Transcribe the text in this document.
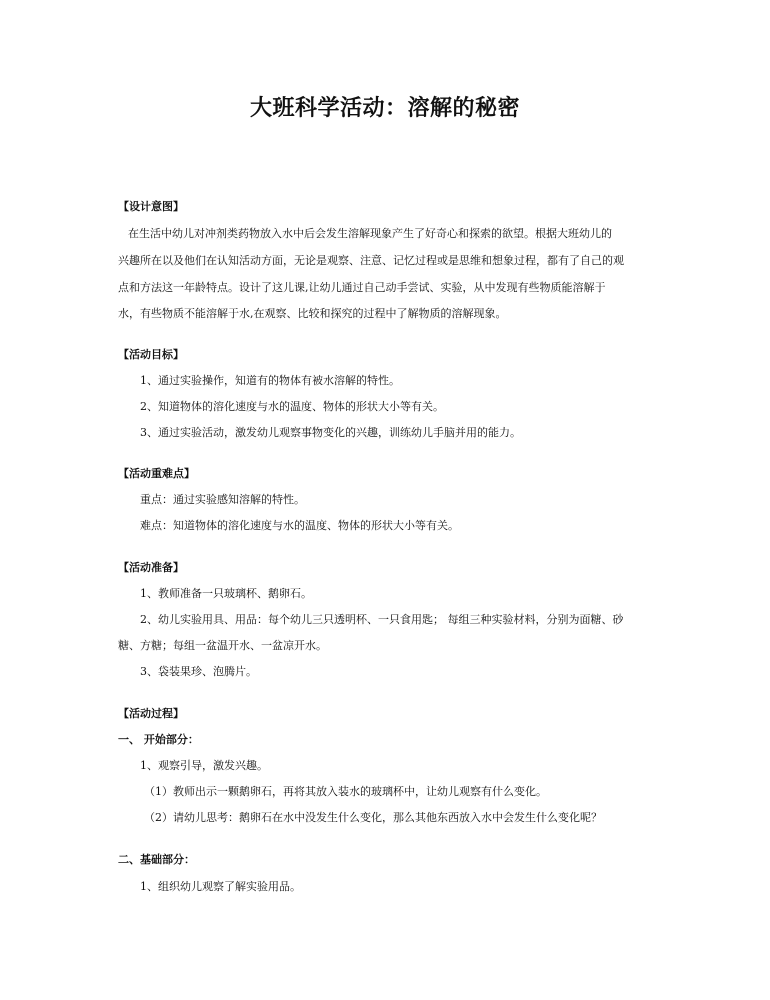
大班科学活动：溶解的秘密
【设计意图】
在生活中幼儿对冲剂类药物放入水中后会发生溶解现象产生了好奇心和探索的欲望。根据大班幼儿的
兴趣所在以及他们在认知活动方面，无论是观察、注意、记忆过程或是思维和想象过程，都有了自己的观
点和方法这一年龄特点。设计了这儿课,让幼儿通过自己动手尝试、实验，从中发现有些物质能溶解于
水，有些物质不能溶解于水,在观察、比较和探究的过程中了解物质的溶解现象。
【活动目标】
1、通过实验操作，知道有的物体有被水溶解的特性。
2、知道物体的溶化速度与水的温度、物体的形状大小等有关。
3、通过实验活动，激发幼儿观察事物变化的兴趣，训练幼儿手脑并用的能力。
【活动重难点】
重点：通过实验感知溶解的特性。
难点：知道物体的溶化速度与水的温度、物体的形状大小等有关。
【活动准备】
1、教师准备一只玻璃杯、鹅卵石。
2、幼儿实验用具、用品：每个幼儿三只透明杯、一只食用匙； 每组三种实验材料，分别为面糖、砂
糖、方糖；每组一盆温开水、一盆凉开水。
3、袋装果珍、泡腾片。
【活动过程】
一、 开始部分：
1、观察引导，激发兴趣。
（1）教师出示一颗鹅卵石，再将其放入装水的玻璃杯中，让幼儿观察有什么变化。
（2）请幼儿思考：鹅卵石在水中没发生什么变化，那么其他东西放入水中会发生什么变化呢？
二、基础部分：
1、组织幼儿观察了解实验用品。
